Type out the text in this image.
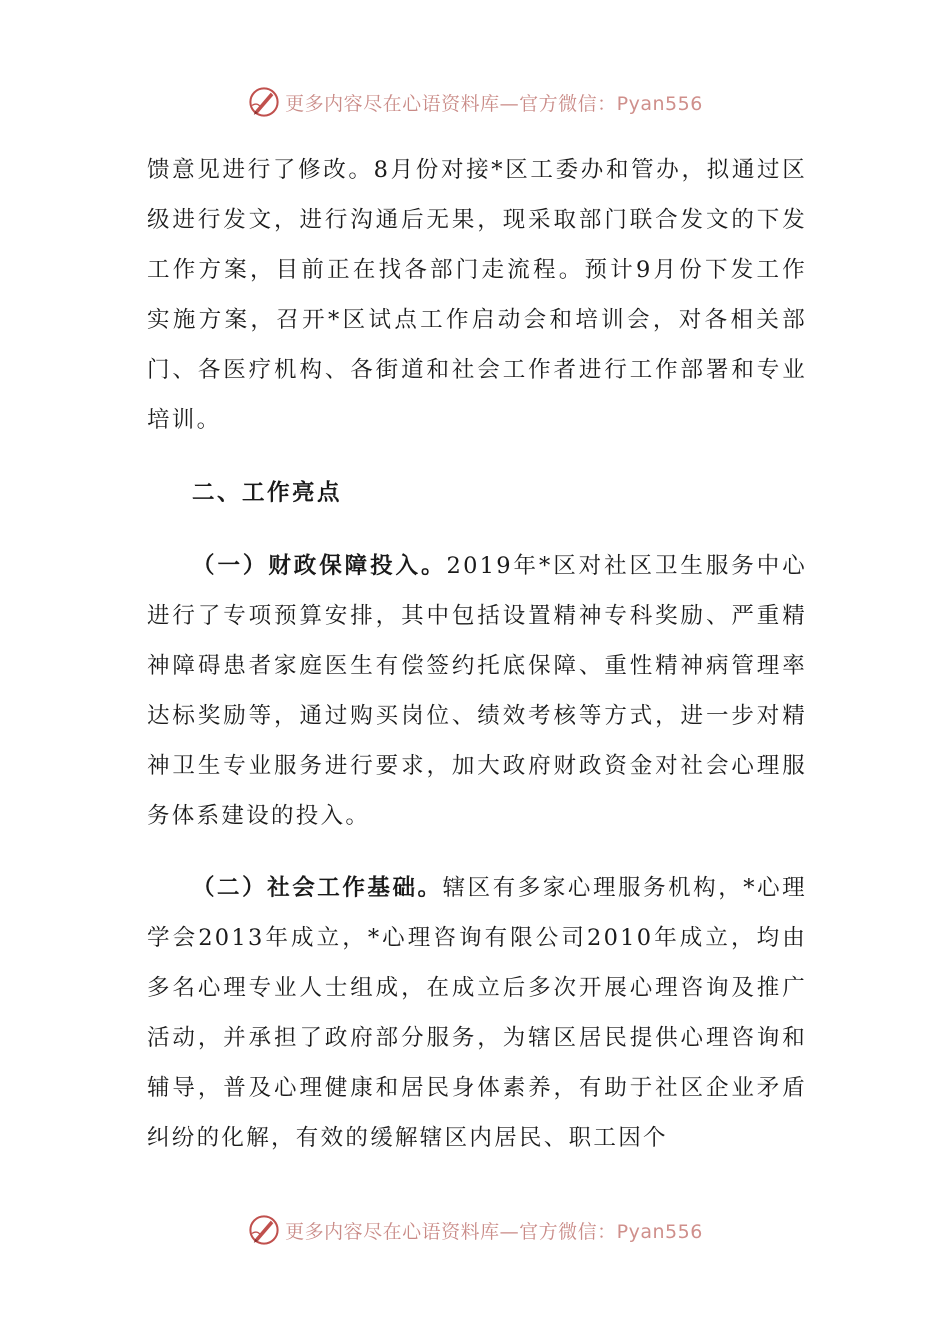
更多内容尽在心语资料库—官方微信：Pyan556

馈意见进行了修改。8月份对接*区工委办和管办，拟通过区级进行发文，进行沟通后无果，现采取部门联合发文的下发工作方案，目前正在找各部门走流程。预计9月份下发工作实施方案，召开*区试点工作启动会和培训会，对各相关部门、各医疗机构、各街道和社会工作者进行工作部署和专业培训。

二、工作亮点

（一）财政保障投入。2019年*区对社区卫生服务中心进行了专项预算安排，其中包括设置精神专科奖励、严重精神障碍患者家庭医生有偿签约托底保障、重性精神病管理率达标奖励等，通过购买岗位、绩效考核等方式，进一步对精神卫生专业服务进行要求，加大政府财政资金对社会心理服务体系建设的投入。

（二）社会工作基础。辖区有多家心理服务机构，*心理学会2013年成立，*心理咨询有限公司2010年成立，均由多名心理专业人士组成，在成立后多次开展心理咨询及推广活动，并承担了政府部分服务，为辖区居民提供心理咨询和辅导，普及心理健康和居民身体素养，有助于社区企业矛盾纠纷的化解，有效的缓解辖区内居民、职工因个

更多内容尽在心语资料库—官方微信：Pyan556
